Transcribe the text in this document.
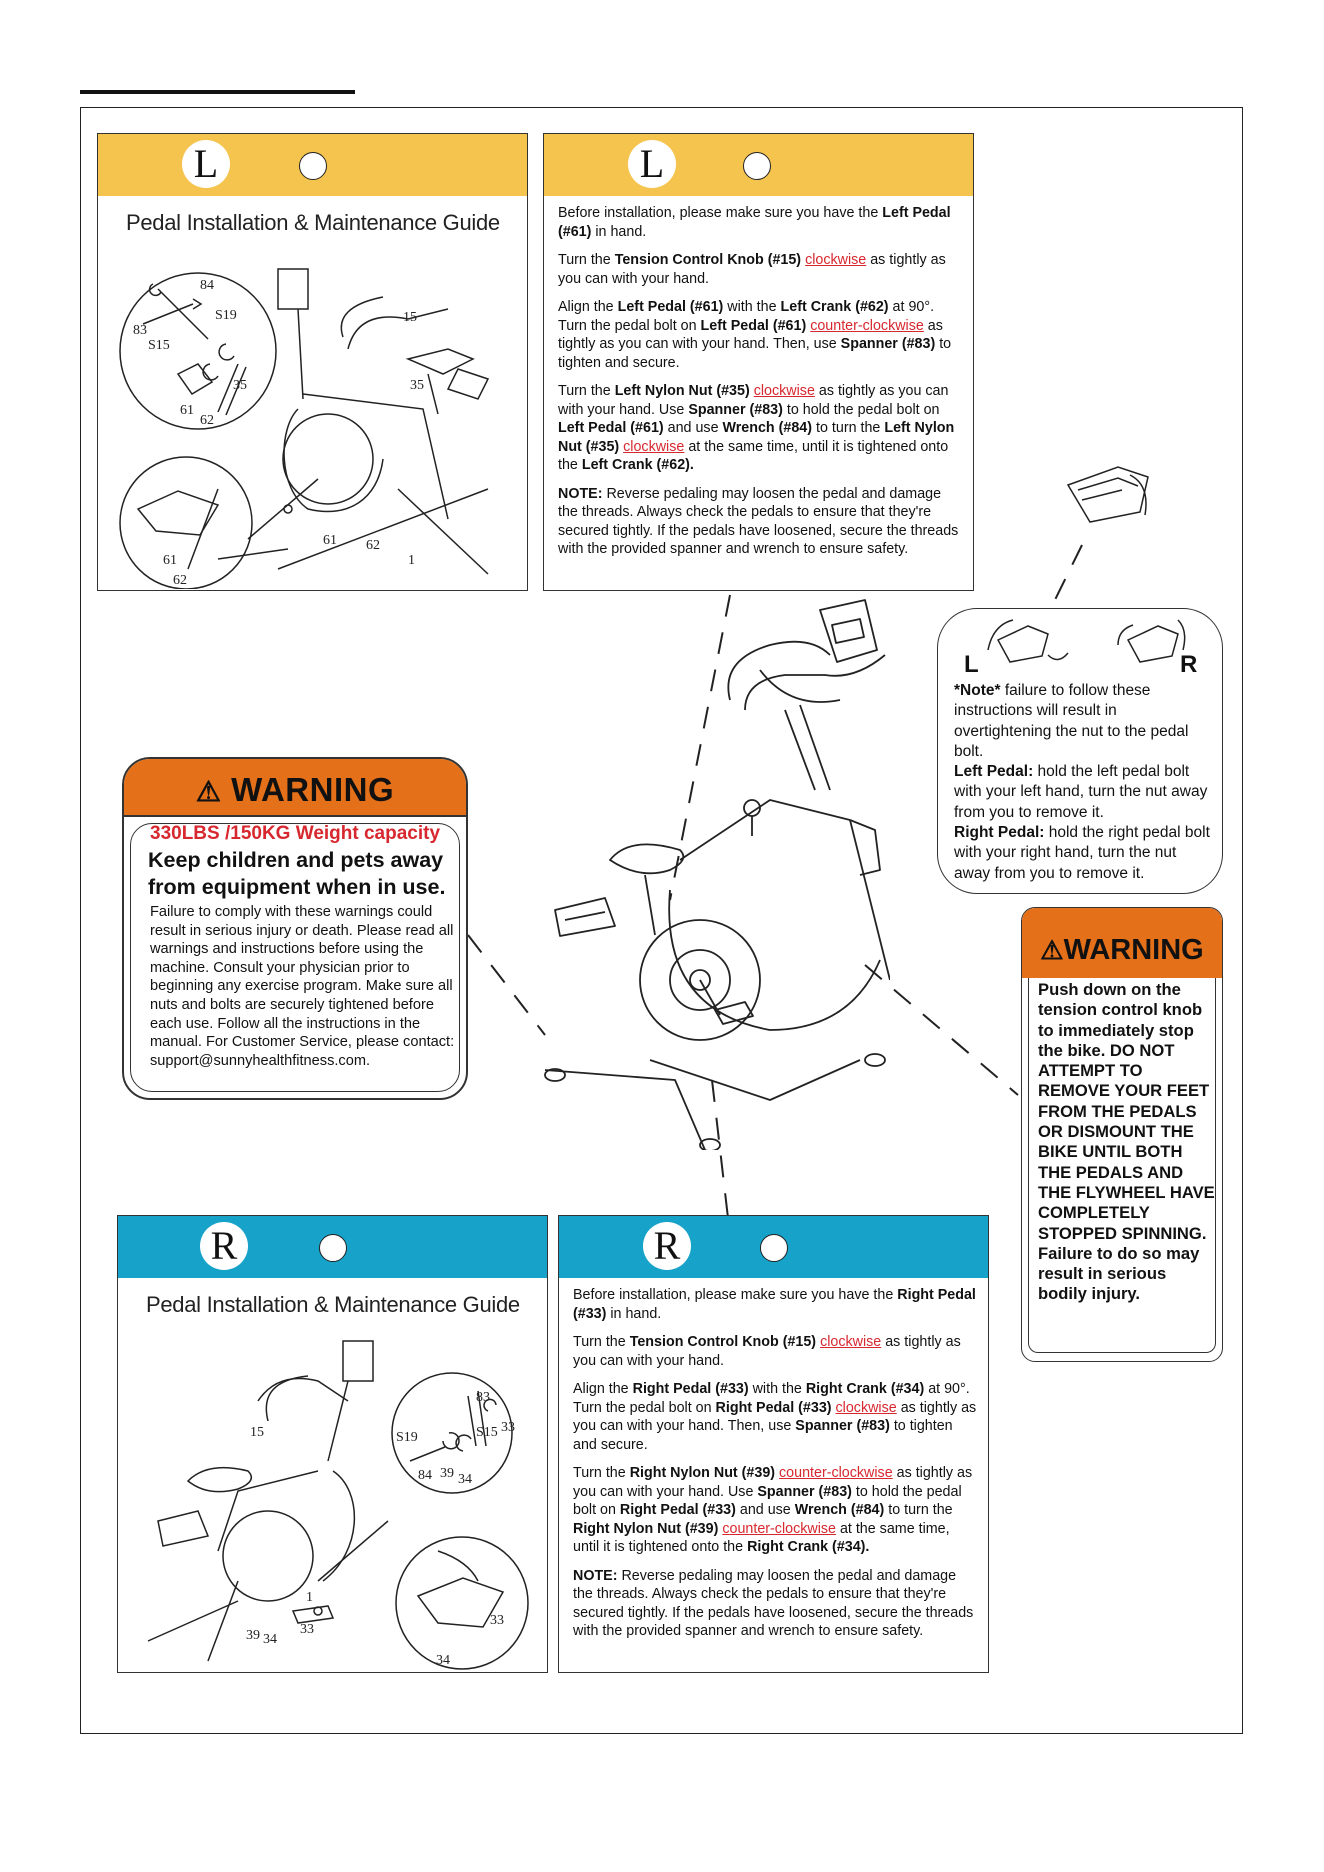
L
Pedal Installation & Maintenance Guide
84
S19
83
S15
35
61
62
15
35
61 62
1
61
62
L

Before installation, please make sure you have the Left Pedal (#61) in hand.

Turn the Tension Control Knob (#15) clockwise as tightly as you can with your hand.

Align the Left Pedal (#61) with the Left Crank (#62) at 90°. Turn the pedal bolt on Left Pedal (#61) counter-clockwise as tightly as you can with your hand. Then, use Spanner (#83) to tighten and secure.

Turn the Left Nylon Nut (#35) clockwise as tightly as you can with your hand. Use Spanner (#83) to hold the pedal bolt on Left Pedal (#61) and use Wrench (#84) to turn the Left Nylon Nut (#35) clockwise at the same time, until it is tightened onto the Left Crank (#62).

NOTE: Reverse pedaling may loosen the pedal and damage the threads. Always check the pedals to ensure that they're secured tightly. If the pedals have loosened, secure the threads with the provided spanner and wrench to ensure safety.

L	R
*Note* failure to follow these instructions will result in overtightening the nut to the pedal bolt.
Left Pedal: hold the left pedal bolt with your left hand, turn the nut away from you to remove it.
Right Pedal: hold the right pedal bolt with your right hand, turn the nut away from you to remove it.
⚠ WARNING
330LBS /150KG Weight capacity
Keep children and pets away from equipment when in use.
Failure to comply with these warnings could result in serious injury or death. Please read all warnings and instructions before using the machine. Consult your physician prior to beginning any exercise program. Make sure all nuts and bolts are securely tightened before each use. Follow all the instructions in the manual. For Customer Service, please contact: support@sunnyhealthfitness.com.
⚠WARNING
Push down on the tension control knob to immediately stop the bike. DO NOT ATTEMPT TO REMOVE YOUR FEET FROM THE PEDALS OR DISMOUNT THE BIKE UNTIL BOTH THE PEDALS AND THE FLYWHEEL HAVE COMPLETELY STOPPED SPINNING. Failure to do so may result in serious bodily injury.
R
Pedal Installation & Maintenance Guide
83
S19	S15 33
84 39 34
15
1
39 34
33
33
34
R

Before installation, please make sure you have the Right Pedal (#33) in hand.

Turn the Tension Control Knob (#15) clockwise as tightly as you can with your hand.

Align the Right Pedal (#33) with the Right Crank (#34) at 90°. Turn the pedal bolt on Right Pedal (#33) clockwise as tightly as you can with your hand. Then, use Spanner (#83) to tighten and secure.

Turn the Right Nylon Nut (#39) counter-clockwise as tightly as you can with your hand. Use Spanner (#83) to hold the pedal bolt on Right Pedal (#33) and use Wrench (#84) to turn the Right Nylon Nut (#39) counter-clockwise at the same time, until it is tightened onto the Right Crank (#34).

NOTE: Reverse pedaling may loosen the pedal and damage the threads. Always check the pedals to ensure that they're secured tightly. If the pedals have loosened, secure the threads with the provided spanner and wrench to ensure safety.
